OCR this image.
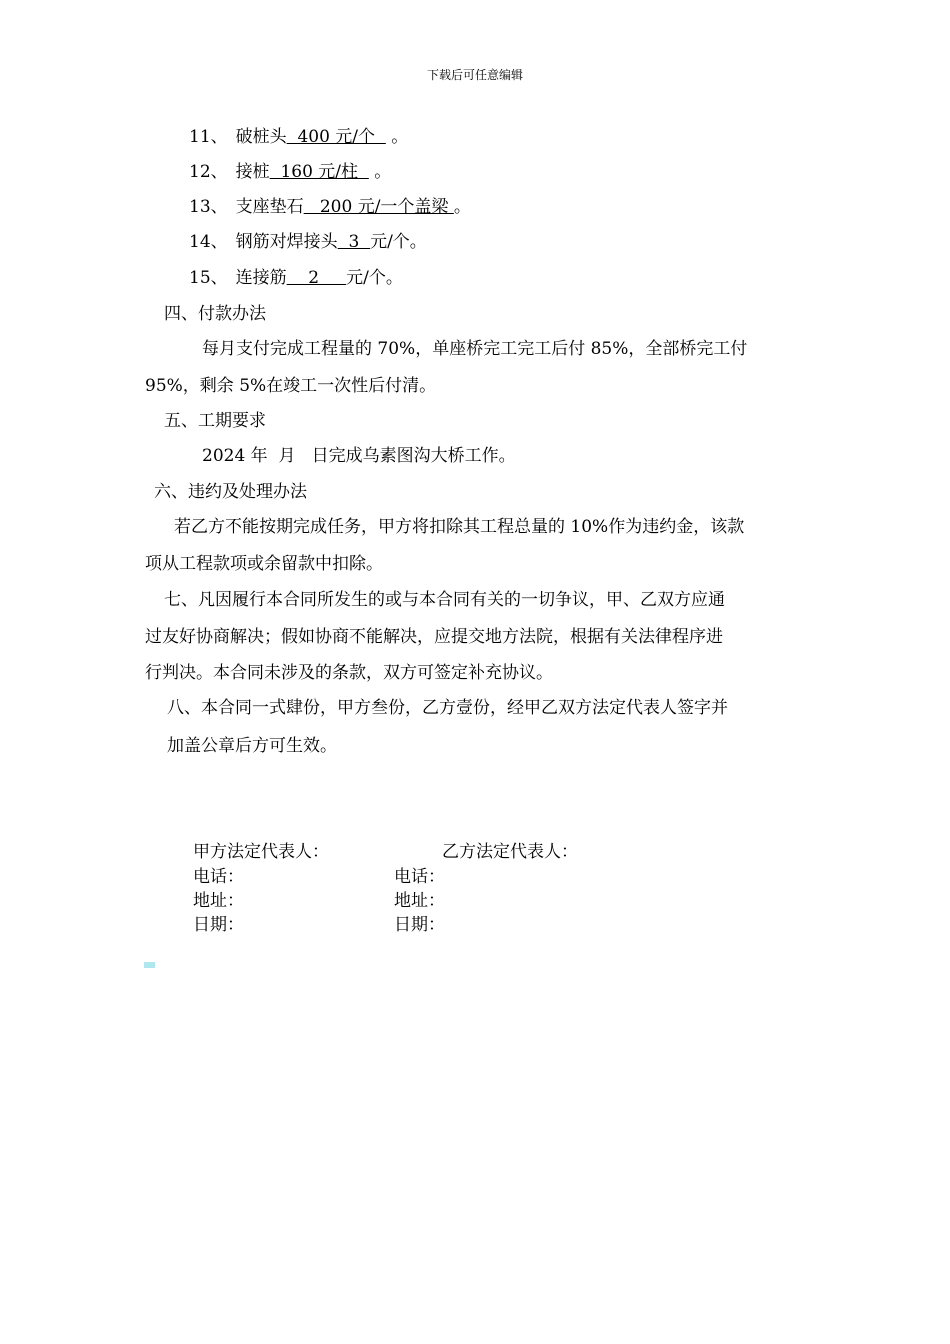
下载后可任意编辑
11、 破桩头  400 元/个   。
12、 接桩  160 元/柱   。
13、 支座垫石   200 元/一个盖梁 。
14、 钢筋对焊接头  3  元/个。
15、 连接筋    2     元/个。
四、付款办法
每月支付完成工程量的 70%，单座桥完工完工后付 85%，全部桥完工付
95%，剩余 5%在竣工一次性后付清。
五、工期要求
2024 年  月   日完成乌素图沟大桥工作。
六、违约及处理办法
若乙方不能按期完成任务，甲方将扣除其工程总量的 10%作为违约金，该款
项从工程款项或余留款中扣除。
七、凡因履行本合同所发生的或与本合同有关的一切争议，甲、乙双方应通
过友好协商解决；假如协商不能解决，应提交地方法院，根据有关法律程序进
行判决。本合同未涉及的条款，双方可签定补充协议。
八、本合同一式肆份，甲方叁份，乙方壹份，经甲乙双方法定代表人签字并
加盖公章后方可生效。
甲方法定代表人：	乙方法定代表人：
电话：	电话：
地址：	地址：
日期：	日期：
